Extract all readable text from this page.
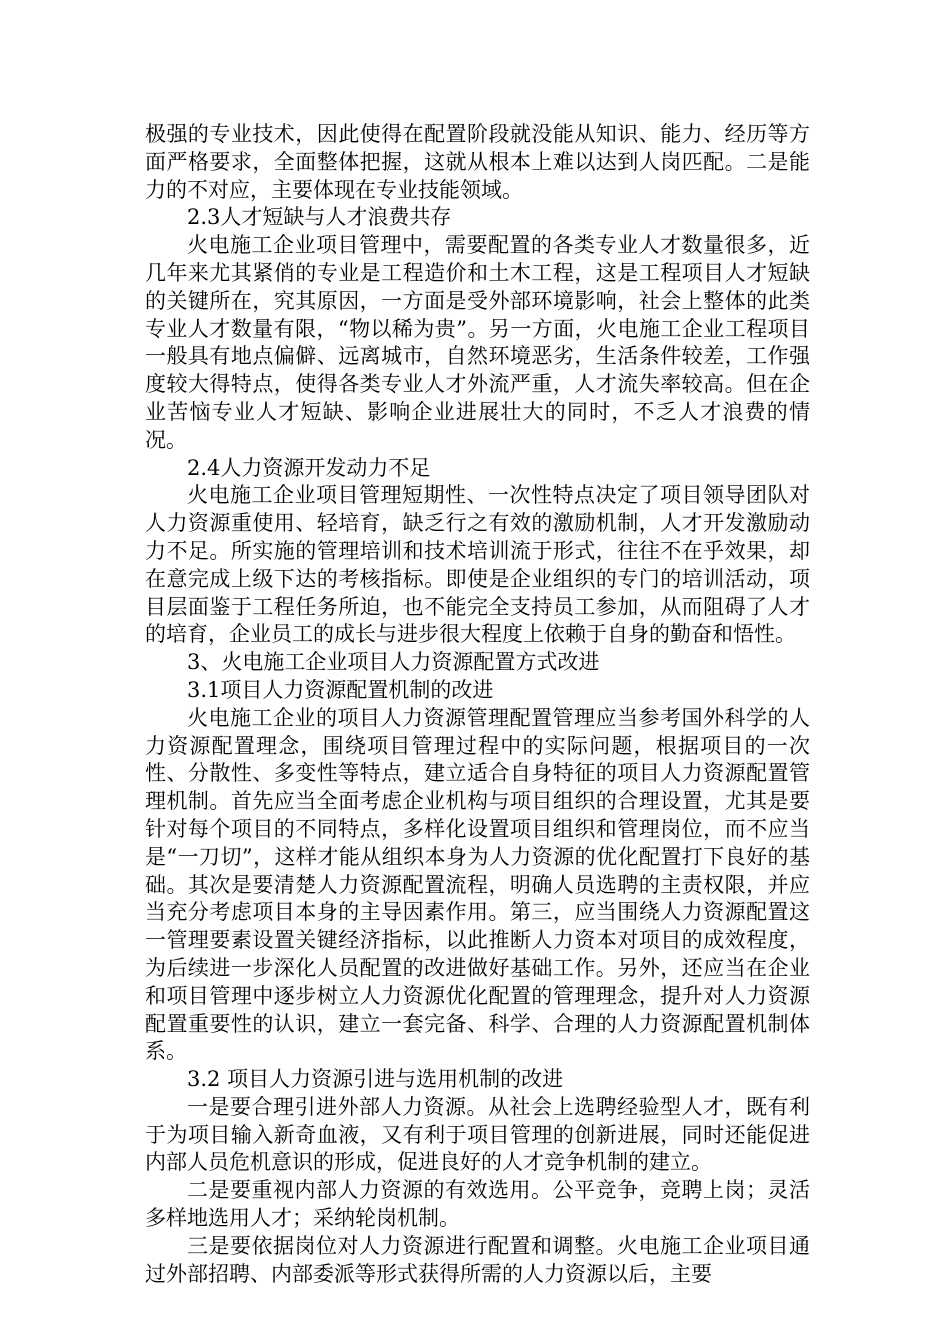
极强的专业技术，因此使得在配置阶段就没能从知识、能力、经历等方面严格要求，全面整体把握，这就从根本上难以达到人岗匹配。二是能力的不对应，主要体现在专业技能领域。

2.3人才短缺与人才浪费共存

火电施工企业项目管理中，需要配置的各类专业人才数量很多，近几年来尤其紧俏的专业是工程造价和土木工程，这是工程项目人才短缺的关键所在，究其原因，一方面是受外部环境影响，社会上整体的此类专业人才数量有限，“物以稀为贵”。另一方面，火电施工企业工程项目一般具有地点偏僻、远离城市，自然环境恶劣，生活条件较差，工作强度较大得特点，使得各类专业人才外流严重，人才流失率较高。但在企业苦恼专业人才短缺、影响企业进展壮大的同时，不乏人才浪费的情况。

2.4人力资源开发动力不足

火电施工企业项目管理短期性、一次性特点决定了项目领导团队对人力资源重使用、轻培育，缺乏行之有效的激励机制，人才开发激励动力不足。所实施的管理培训和技术培训流于形式，往往不在乎效果，却在意完成上级下达的考核指标。即使是企业组织的专门的培训活动，项目层面鉴于工程任务所迫，也不能完全支持员工参加，从而阻碍了人才的培育，企业员工的成长与进步很大程度上依赖于自身的勤奋和悟性。

3、火电施工企业项目人力资源配置方式改进

3.1项目人力资源配置机制的改进

火电施工企业的项目人力资源管理配置管理应当参考国外科学的人力资源配置理念，围绕项目管理过程中的实际问题，根据项目的一次性、分散性、多变性等特点，建立适合自身特征的项目人力资源配置管理机制。首先应当全面考虑企业机构与项目组织的合理设置，尤其是要针对每个项目的不同特点，多样化设置项目组织和管理岗位，而不应当是“一刀切”，这样才能从组织本身为人力资源的优化配置打下良好的基础。其次是要清楚人力资源配置流程，明确人员选聘的主责权限，并应当充分考虑项目本身的主导因素作用。第三，应当围绕人力资源配置这一管理要素设置关键经济指标，以此推断人力资本对项目的成效程度，为后续进一步深化人员配置的改进做好基础工作。另外，还应当在企业和项目管理中逐步树立人力资源优化配置的管理理念，提升对人力资源配置重要性的认识，建立一套完备、科学、合理的人力资源配置机制体系。

3.2 项目人力资源引进与选用机制的改进

一是要合理引进外部人力资源。从社会上选聘经验型人才，既有利于为项目输入新奇血液，又有利于项目管理的创新进展，同时还能促进内部人员危机意识的形成，促进良好的人才竞争机制的建立。

二是要重视内部人力资源的有效选用。公平竞争，竞聘上岗；灵活多样地选用人才；采纳轮岗机制。

三是要依据岗位对人力资源进行配置和调整。火电施工企业项目通过外部招聘、内部委派等形式获得所需的人力资源以后，主要
